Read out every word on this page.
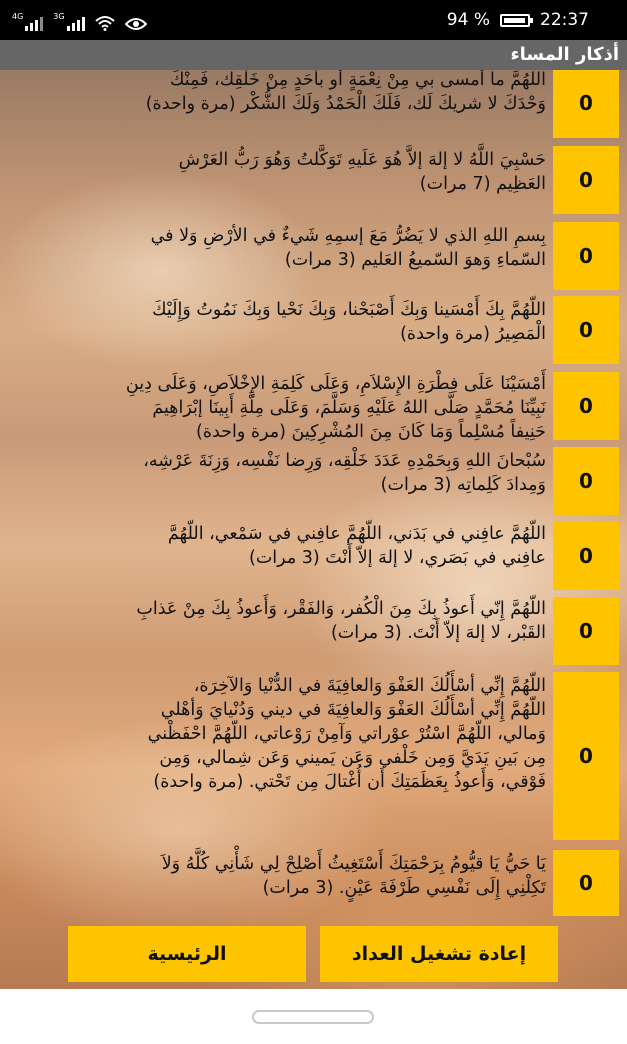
4G	3G	94 %	22:37
أذكار المساء
اللهُمَّ ما أمسى بي مِنْ نِعْمَةٍ أَو بأَحَدٍ مِنْ خَلْقِك، فَمِنْكَ
وَحْدَكَ لا شريكَ لَك، فَلَكَ الْحَمْدُ وَلَكَ الشُّكْر (مرة واحدة)	0
حَسْبِيَ اللَّهُ لا إلهَ إلاَّ هُوَ عَلَيهِ تَوَكَّلتُ وَهُوَ رَبُّ العَرْشِ
العَظِيم (7 مرات)	0
بِسمِ اللهِ الذي لا يَضُرُّ مَعَ إسمِهِ شَيءٌ في الأرْضِ وَلا في
السّماءِ وَهوَ السّميعُ العَليم (3 مرات)	0
اللّهُمَّ بِكَ أَمْسَينا وَبِكَ أَصْبَحْنا، وَبِكَ نَحْيا وَبِكَ نَمُوتُ وَإِلَيْكَ
الْمَصِيرُ (مرة واحدة)	0
أَمْسَيْنَا عَلَى فِطْرَةِ الإِسْلاَمِ، وَعَلَى كَلِمَةِ الإِخْلاَصِ، وَعَلَى دِينِ
نَبِيِّنَا مُحَمَّدٍ صَلَّى اللهُ عَلَيْهِ وَسَلَّمَ، وَعَلَى مِلَّةِ أَبِينَا إبْرَاهِيمَ
حَنِيفاً مُسْلِماً وَمَا كَانَ مِنَ المُشْرِكِينَ (مرة واحدة)
0
سُبْحانَ اللهِ وَبِحَمْدِهِ عَدَدَ خَلْقِه، وَرِضا نَفْسِه، وَزِنَةَ عَرْشِه،
وَمِدادَ كَلِماتِه (3 مرات)	0
اللّهُمَّ عافِني في بَدَني، اللّهُمَّ عافِني في سَمْعي، اللّهُمَّ
عافِني في بَصَري، لا إلهَ إلاّ أَنْتَ (3 مرات)	0
اللّهُمَّ إِنّي أَعوذُ بِكَ مِنَ الْكُفر، وَالفَقْر، وَأَعوذُ بِكَ مِنْ عَذابِ
القَبْر، لا إلهَ إلاّ أَنْتَ. (3 مرات)	0
اللّهُمَّ إِنِّي أسْأَلُكَ العَفْوَ وَالعافِيَةَ في الدُّنْيا وَالآخِرَة،
اللّهُمَّ إِنِّي أسْأَلُكَ العَفْوَ وَالعافِيَةَ في ديني وَدُنْيايَ وَأهْلي
وَمالي، اللّهُمَّ اسْتُرْ عوْراتي وَآمِنْ رَوْعاتي، اللّهُمَّ احْفَظْني
مِن بَينِ يَدَيَّ وَمِن خَلْفي وَعَن يَميني وَعَن شِمالي، وَمِن
فَوْقي، وَأَعوذُ بِعَظَمَتِكَ أَن أُغْتالَ مِن تَحْتي. (مرة واحدة)
0
يَا حَيُّ يَا قيُّومُ بِرَحْمَتِكَ أَسْتَغِيثُ أَصْلِحْ لِي شَأْنِي كُلَّهُ وَلاَ
تَكِلْنِي إِلَى نَفْسِي طَرْفَةَ عَيْنٍ. (3 مرات)	0
إعادة تشغيل العداد
الرئيسية
